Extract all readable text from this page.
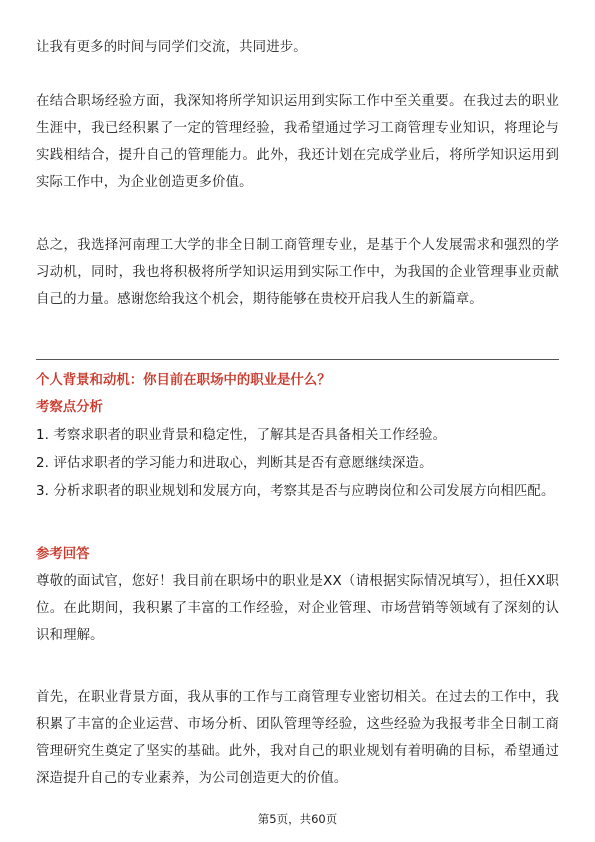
让我有更多的时间与同学们交流，共同进步。

在结合职场经验方面，我深知将所学知识运用到实际工作中至关重要。在我过去的职业生涯中，我已经积累了一定的管理经验，我希望通过学习工商管理专业知识，将理论与实践相结合，提升自己的管理能力。此外，我还计划在完成学业后，将所学知识运用到实际工作中，为企业创造更多价值。

总之，我选择河南理工大学的非全日制工商管理专业，是基于个人发展需求和强烈的学习动机，同时，我也将积极将所学知识运用到实际工作中，为我国的企业管理事业贡献自己的力量。感谢您给我这个机会，期待能够在贵校开启我人生的新篇章。

个人背景和动机：你目前在职场中的职业是什么？

考察点分析

1. 考察求职者的职业背景和稳定性，了解其是否具备相关工作经验。

2. 评估求职者的学习能力和进取心，判断其是否有意愿继续深造。

3. 分析求职者的职业规划和发展方向，考察其是否与应聘岗位和公司发展方向相匹配。

参考回答

尊敬的面试官，您好！我目前在职场中的职业是XX（请根据实际情况填写），担任XX职位。在此期间，我积累了丰富的工作经验，对企业管理、市场营销等领域有了深刻的认识和理解。

首先，在职业背景方面，我从事的工作与工商管理专业密切相关。在过去的工作中，我积累了丰富的企业运营、市场分析、团队管理等经验，这些经验为我报考非全日制工商管理研究生奠定了坚实的基础。此外，我对自己的职业规划有着明确的目标，希望通过深造提升自己的专业素养，为公司创造更大的价值。

第5页，共60页
